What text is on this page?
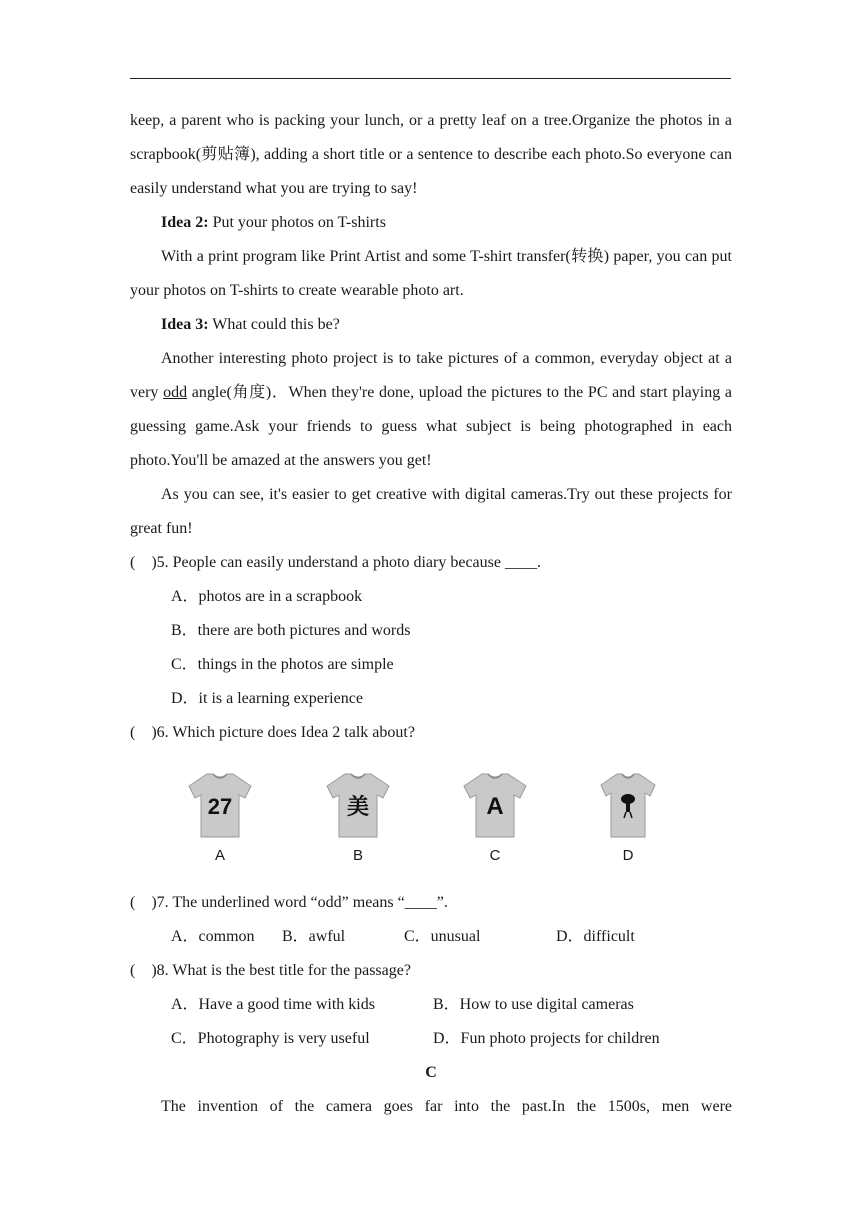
keep, a parent who is packing your lunch, or a pretty leaf on a tree.Organize the photos in a scrapbook(剪贴簿), adding a short title or a sentence to describe each photo.So everyone can easily understand what you are trying to say!

Idea 2: Put your photos on T-shirts

With a print program like Print Artist and some T-shirt transfer(转换) paper, you can put your photos on T-shirts to create wearable photo art.

Idea 3: What could this be?

Another interesting photo project is to take pictures of a common, everyday object at a very odd angle(角度)．When they're done, upload the pictures to the PC and start playing a guessing game.Ask your friends to guess what subject is being photographed in each photo.You'll be amazed at the answers you get!

As you can see, it's easier to get creative with digital cameras.Try out these projects for great fun!

(    )5. People can easily understand a photo diary because ____.

A．photos are in a scrapbook

B．there are both pictures and words

C．things in the photos are simple

D．it is a learning experience

(    )6. Which picture does Idea 2 talk about?

27
A
美
B
A
C	D

(    )7. The underlined word “odd” means “____”.

A．common B．awful	C．unusual	D．difficult

(    )8. What is the best title for the passage?

A．Have a good time with kids	B．How to use digital cameras

C．Photography is very useful	D．Fun photo projects for children

C

The invention of the camera goes far into the past.In the 1500s, men were
